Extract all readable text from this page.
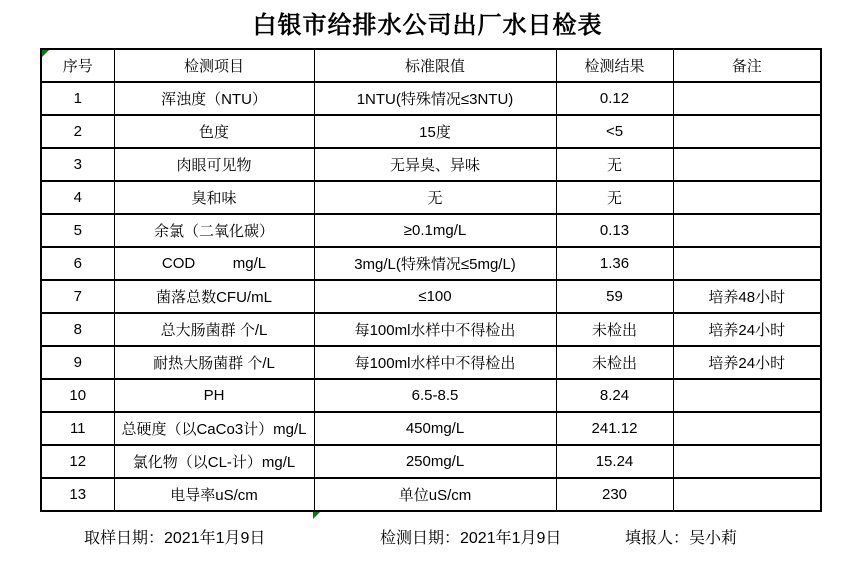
白银市给排水公司出厂水日检表
序号	检测项目	标准限值	检测结果	备注
1	浑浊度（NTU）	1NTU(特殊情况≤3NTU)	0.12	
2	色度	15度	<5	
3	肉眼可见物	无异臭、异味	无	
4	臭和味	无	无	
5	余氯（二氧化碳）	≥0.1mg/L	0.13	
6	COD         mg/L	3mg/L(特殊情况≤5mg/L)	1.36	
7	菌落总数CFU/mL	≤100	59	培养48小时
8	总大肠菌群 个/L	每100ml水样中不得检出	未检出	培养24小时
9	耐热大肠菌群 个/L	每100ml水样中不得检出	未检出	培养24小时
10	PH	6.5-8.5	8.24	
11	总硬度（以CaCo3计）mg/L	450mg/L	241.12	
12	氯化物（以CL-计）mg/L	250mg/L	15.24	
13	电导率uS/cm	单位uS/cm	230	
取样日期：2021年1月9日	检测日期：2021年1月9日	填报人：吴小莉
